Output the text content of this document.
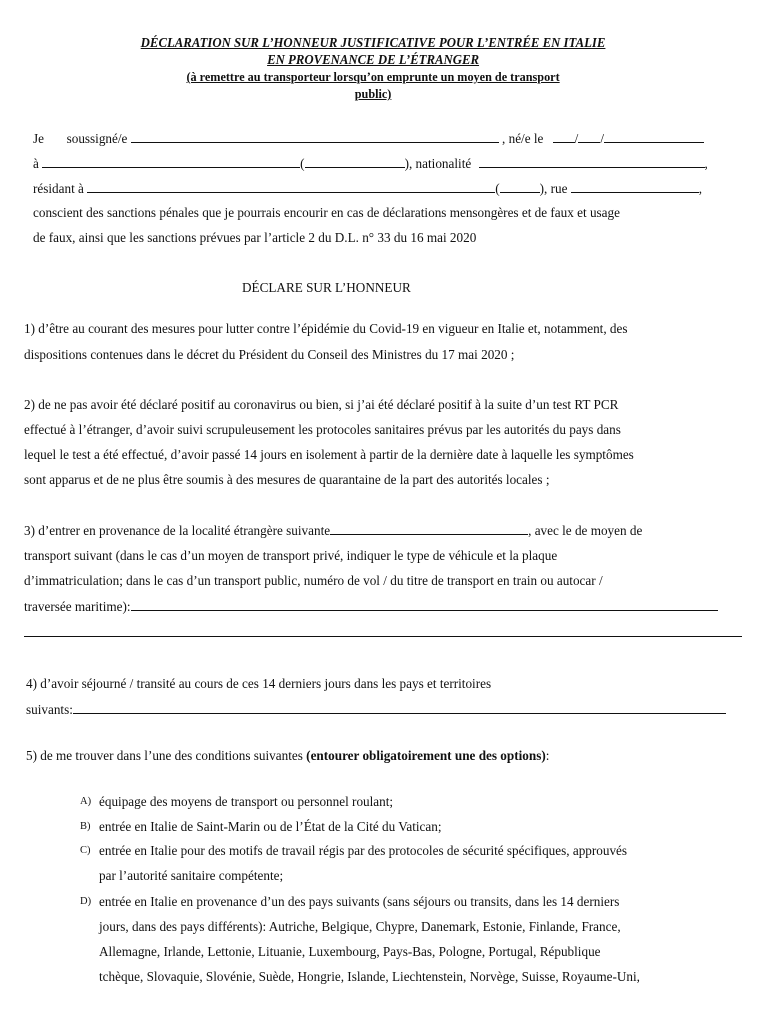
DÉCLARATION SUR L’HONNEUR JUSTIFICATIVE POUR L’ENTRÉE EN ITALIE
EN PROVENANCE DE L’ÉTRANGER
(à remettre au transporteur lorsqu’on emprunte un moyen de transport
public)
Je soussigné/e	, né/e le / /
à	(	), nationalité	,
résidant à	(	), rue	,
conscient des sanctions pénales que je pourrais encourir en cas de déclarations mensongères et de faux et usage
de faux, ainsi que les sanctions prévues par l’article 2 du D.L. n° 33 du 16 mai 2020
DÉCLARE SUR L’HONNEUR
1) d’être au courant des mesures pour lutter contre l’épidémie du Covid-19 en vigueur en Italie et, notamment, des
dispositions contenues dans le décret du Président du Conseil des Ministres du 17 mai 2020 ;
2) de ne pas avoir été déclaré positif au coronavirus ou bien, si j’ai été déclaré positif à la suite d’un test RT PCR
effectué à l’étranger, d’avoir suivi scrupuleusement les protocoles sanitaires prévus par les autorités du pays dans
lequel le test a été effectué, d’avoir passé 14 jours en isolement à partir de la dernière date à laquelle les symptômes
sont apparus et de ne plus être soumis à des mesures de quarantaine de la part des autorités locales ;
3) d’entrer en provenance de la localité étrangère suivante	, avec le de moyen de
transport suivant (dans le cas d’un moyen de transport privé, indiquer le type de véhicule et la plaque
d’immatriculation; dans le cas d’un transport public, numéro de vol / du titre de transport en train ou autocar /
traversée maritime):
4) d’avoir séjourné / transité au cours de ces 14 derniers jours dans les pays et territoires
suivants:
5) de me trouver dans l’une des conditions suivantes (entourer obligatoirement une des options):
A) équipage des moyens de transport ou personnel roulant;
B) entrée en Italie de Saint-Marin ou de l’État de la Cité du Vatican;
C) entrée en Italie pour des motifs de travail régis par des protocoles de sécurité spécifiques, approuvés
par l’autorité sanitaire compétente;
D) entrée en Italie en provenance d’un des pays suivants (sans séjours ou transits, dans les 14 derniers
jours, dans des pays différents): Autriche, Belgique, Chypre, Danemark, Estonie, Finlande, France,
Allemagne, Irlande, Lettonie, Lituanie, Luxembourg, Pays-Bas, Pologne, Portugal, République
tchèque, Slovaquie, Slovénie, Suède, Hongrie, Islande, Liechtenstein, Norvège, Suisse, Royaume-Uni,
